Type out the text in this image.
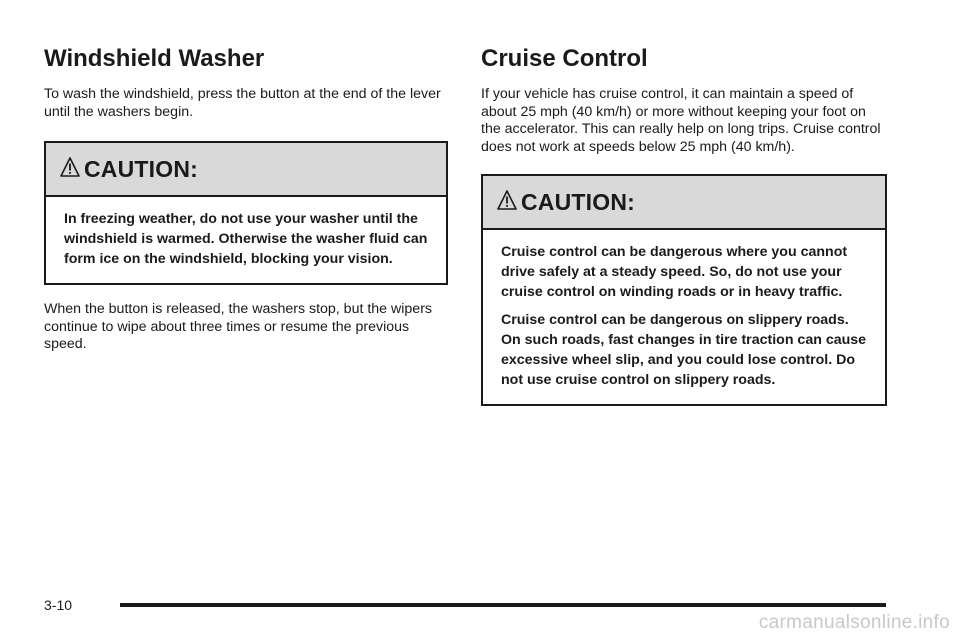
Windshield Washer

To wash the windshield, press the button at the end of the lever until the washers begin.

CAUTION:

In freezing weather, do not use your washer until the windshield is warmed. Otherwise the washer fluid can form ice on the windshield, blocking your vision.

When the button is released, the washers stop, but the wipers continue to wipe about three times or resume the previous speed.

Cruise Control

If your vehicle has cruise control, it can maintain a speed of about 25 mph (40 km/h) or more without keeping your foot on the accelerator. This can really help on long trips. Cruise control does not work at speeds below 25 mph (40 km/h).

CAUTION:

Cruise control can be dangerous where you cannot drive safely at a steady speed. So, do not use your cruise control on winding roads or in heavy traffic.

Cruise control can be dangerous on slippery roads. On such roads, fast changes in tire traction can cause excessive wheel slip, and you could lose control. Do not use cruise control on slippery roads.

3-10
carmanualsonline.info
